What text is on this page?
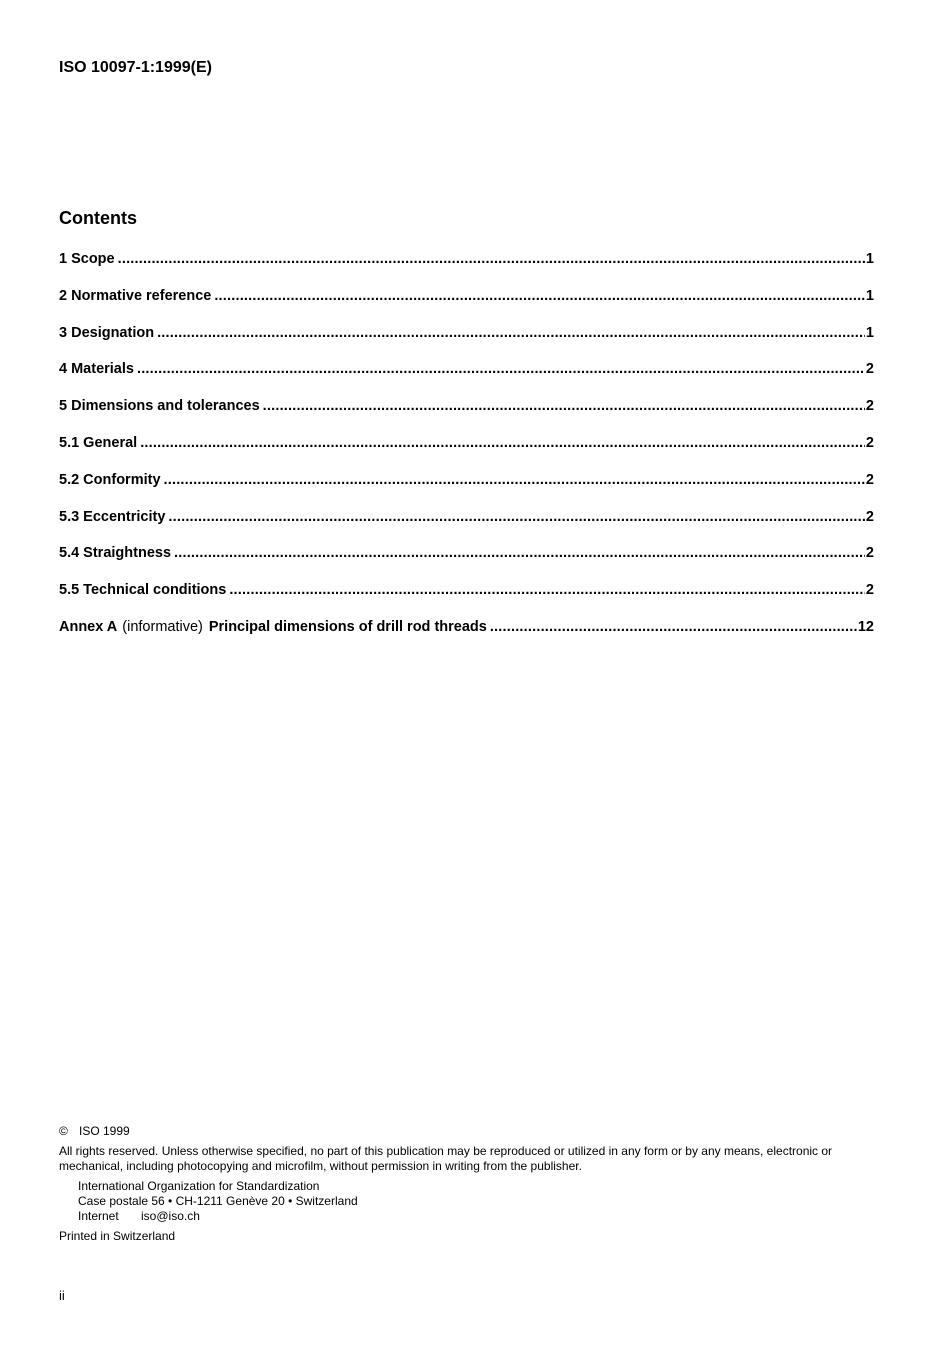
ISO 10097-1:1999(E)

Contents
1 Scope .....	1
2 Normative reference .....	1
3 Designation .....	1
4 Materials .....	2
5 Dimensions and tolerances .....	2
5.1 General .....	2
5.2 Conformity .....	2
5.3 Eccentricity .....	2
5.4 Straightness .....	2
5.5 Technical conditions .....	2
Annex A (informative) Principal dimensions of drill rod threads .....	12

© ISO 1999

All rights reserved. Unless otherwise specified, no part of this publication may be reproduced or utilized in any form or by any means, electronic or mechanical, including photocopying and microfilm, without permission in writing from the publisher.

International Organization for Standardization
Case postale 56 • CH-1211 Genève 20 • Switzerland
Internet iso@iso.ch

Printed in Switzerland

ii
